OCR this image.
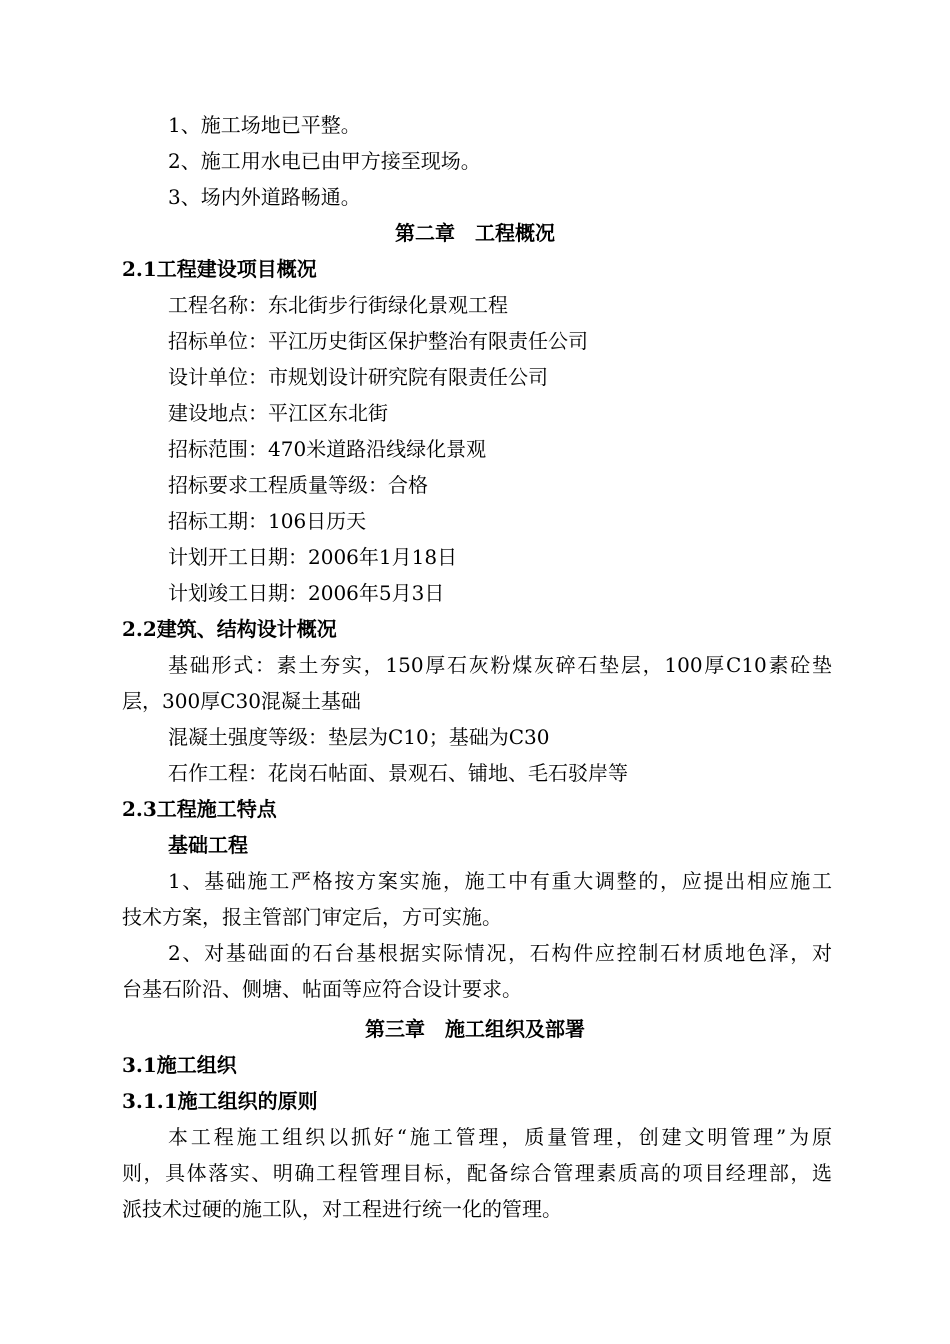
1、施工场地已平整。
2、施工用水电已由甲方接至现场。
3、场内外道路畅通。
第二章　工程概况
2.1工程建设项目概况
工程名称：东北街步行街绿化景观工程
招标单位：平江历史街区保护整治有限责任公司
设计单位：市规划设计研究院有限责任公司
建设地点：平江区东北街
招标范围：470米道路沿线绿化景观
招标要求工程质量等级：合格
招标工期：106日历天
计划开工日期：2006年1月18日
计划竣工日期：2006年5月3日
2.2建筑、结构设计概况
基础形式：素土夯实，150厚石灰粉煤灰碎石垫层，100厚C10素砼垫
层，300厚C30混凝土基础
混凝土强度等级：垫层为C10；基础为C30
石作工程：花岗石帖面、景观石、铺地、毛石驳岸等
2.3工程施工特点
基础工程
1、基础施工严格按方案实施，施工中有重大调整的，应提出相应施工
技术方案，报主管部门审定后，方可实施。
2、对基础面的石台基根据实际情况，石构件应控制石材质地色泽，对
台基石阶沿、侧塘、帖面等应符合设计要求。
第三章　施工组织及部署
3.1施工组织
3.1.1施工组织的原则
本工程施工组织以抓好“施工管理，质量管理，创建文明管理”为原
则，具体落实、明确工程管理目标，配备综合管理素质高的项目经理部，选
派技术过硬的施工队，对工程进行统一化的管理。
